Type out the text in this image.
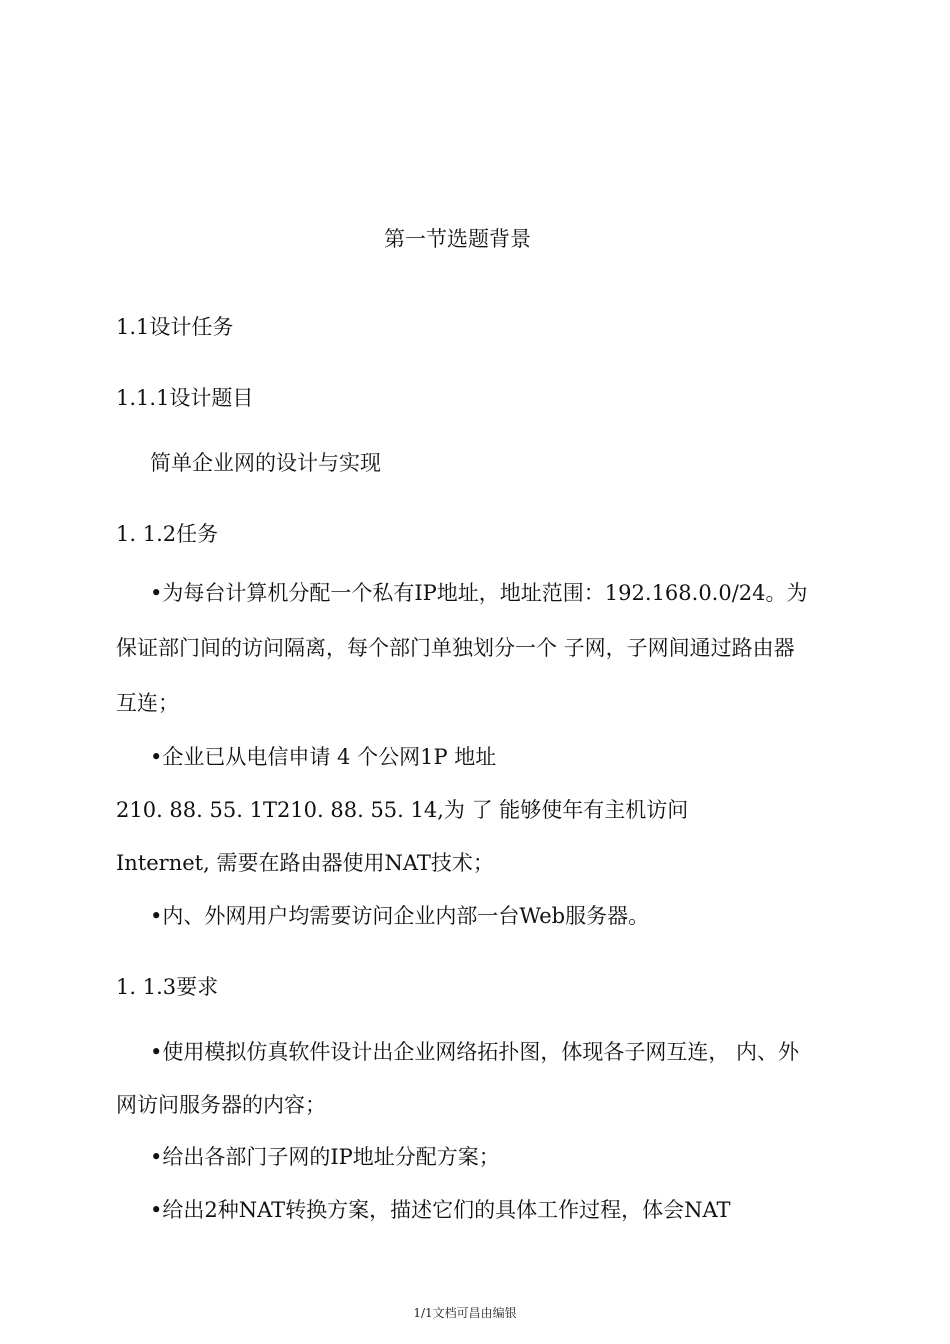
第一节选题背景

1.1设计任务

1.1.1设计题目

简单企业网的设计与实现

1. 1.2任务

•为每台计算机分配一个私有IP地址，地址范围：192.168.0.0/24。为

保证部门间的访问隔离，每个部门单独划分一个 子网，子网间通过路由器

互连；

•企业已从电信申请 4 个公网1P 地址

210. 88. 55. 1T210. 88. 55. 14,为 了 能够使年有主机访问

Internet, 需要在路由器使用NAT技术；

•内、外网用户均需要访问企业内部一台Web服务器。

1. 1.3要求

•使用模拟仿真软件设计出企业网络拓扑图，体现各子网互连， 内、外

网访问服务器的内容；

•给出各部门子网的IP地址分配方案；

•给出2种NAT转换方案，描述它们的具体工作过程，体会NAT

1/1文档可昌由编银
